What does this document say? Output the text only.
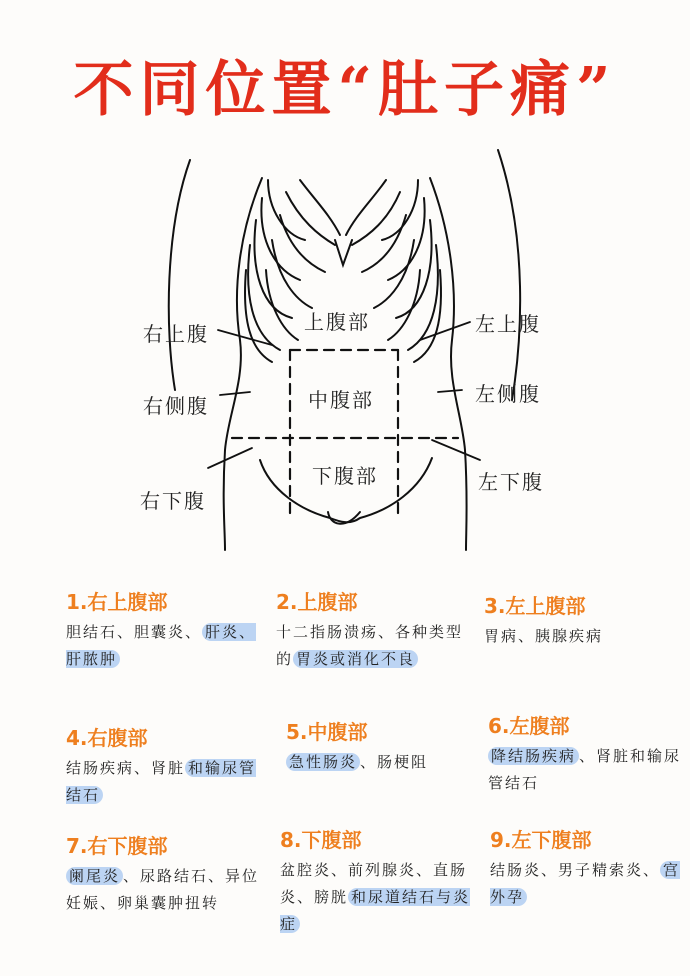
不同位置“肚子痛”
上腹部
中腹部
下腹部
右上腹
右侧腹
右下腹
左上腹
左侧腹
左下腹
1.右上腹部
胆结石、胆囊炎、 肝炎、肝脓肿
2.上腹部
十二指肠溃疡、各种类型的 胃炎或消化不良
3.左上腹部
胃病、胰腺疾病
4.右腹部
结肠疾病、肾脏 和输尿管结石
5.中腹部
急性肠炎 、肠梗阻
6.左腹部
降结肠疾病 、肾脏和输尿管结石
7.右下腹部
阑尾炎 、尿路结石、异位妊娠、卵巢囊肿扭转
8.下腹部
盆腔炎、前列腺炎、直肠炎、膀胱 和尿道结石与炎症
9.左下腹部
结肠炎、男子精索炎、 宫外孕
